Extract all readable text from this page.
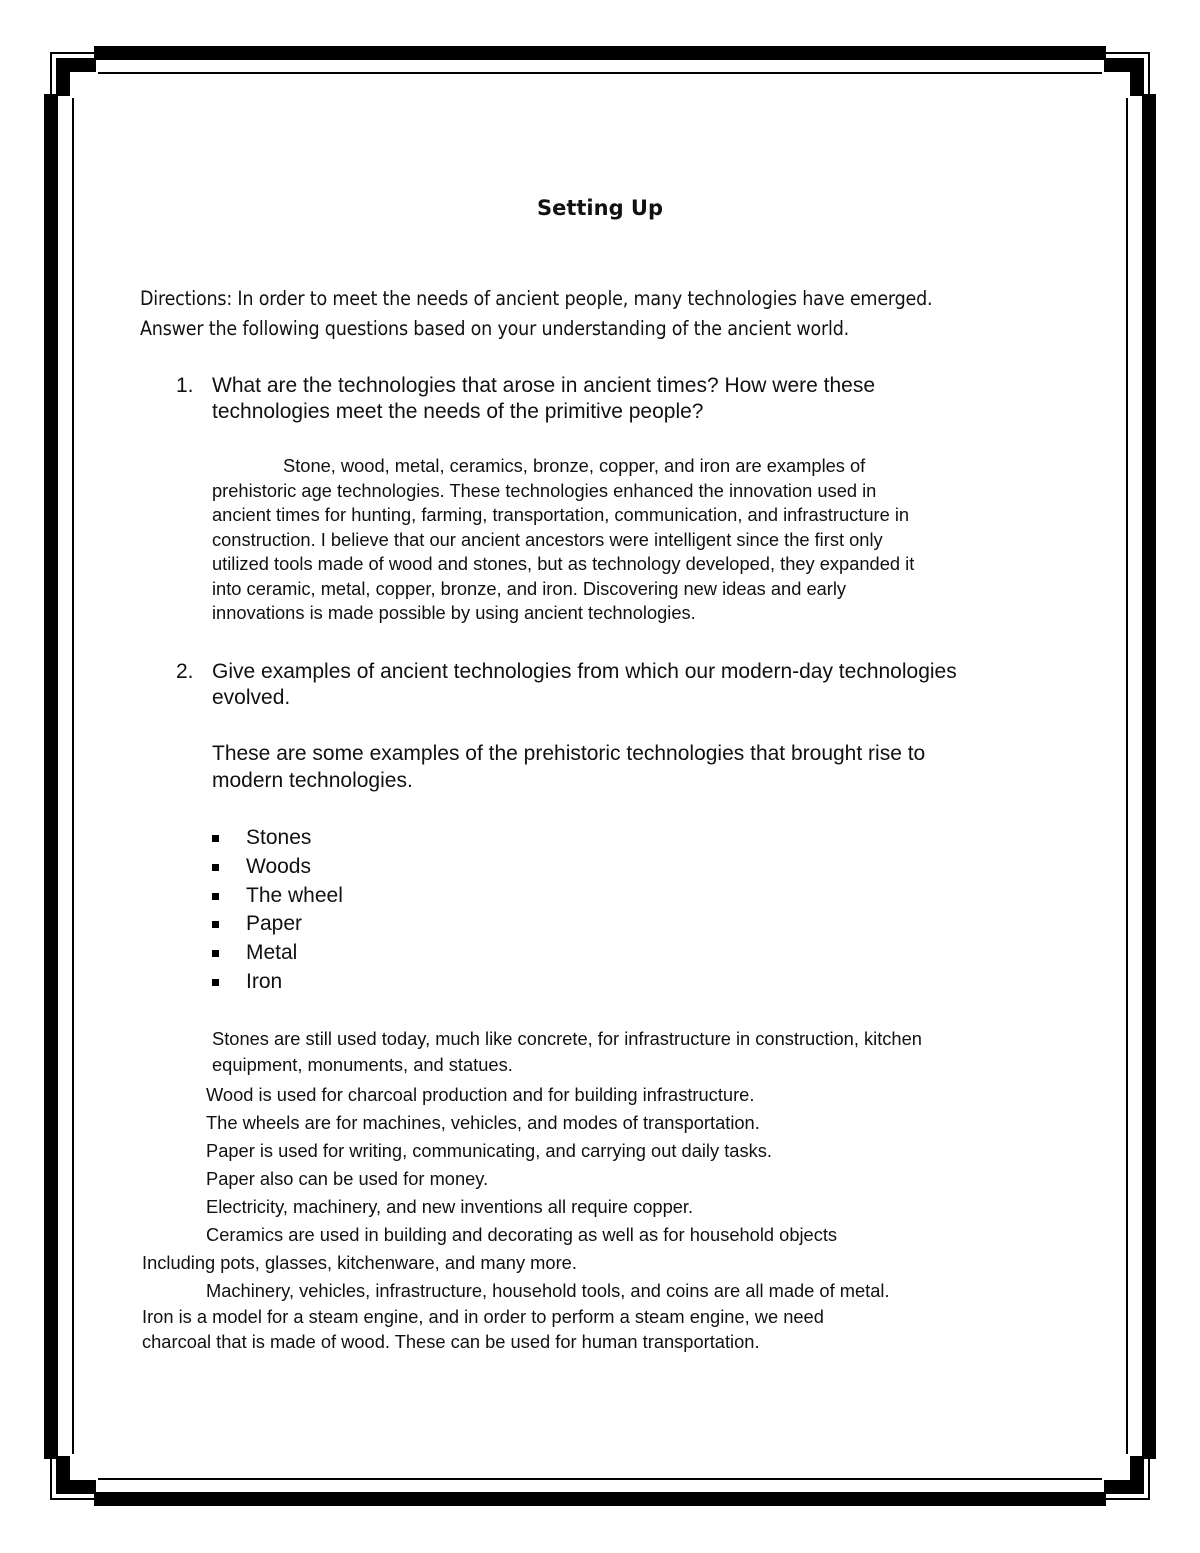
Setting Up
Directions: In order to meet the needs of ancient people, many technologies have emerged.
Answer the following questions based on your understanding of the ancient world.
1. What are the technologies that arose in ancient times? How were these
technologies meet the needs of the primitive people?
Stone, wood, metal, ceramics, bronze, copper, and iron are examples of
prehistoric age technologies. These technologies enhanced the innovation used in
ancient times for hunting, farming, transportation, communication, and infrastructure in
construction. I believe that our ancient ancestors were intelligent since the first only
utilized tools made of wood and stones, but as technology developed, they expanded it
into ceramic, metal, copper, bronze, and iron. Discovering new ideas and early
innovations is made possible by using ancient technologies.
2. Give examples of ancient technologies from which our modern-day technologies
evolved.
These are some examples of the prehistoric technologies that brought rise to
modern technologies.
Stones
Woods
The wheel
Paper
Metal
Iron
Stones are still used today, much like concrete, for infrastructure in construction, kitchen
equipment, monuments, and statues.
Wood is used for charcoal production and for building infrastructure.
The wheels are for machines, vehicles, and modes of transportation.
Paper is used for writing, communicating, and carrying out daily tasks.
Paper also can be used for money.
Electricity, machinery, and new inventions all require copper.
Ceramics are used in building and decorating as well as for household objects
Including pots, glasses, kitchenware, and many more.
Machinery, vehicles, infrastructure, household tools, and coins are all made of metal.
Iron is a model for a steam engine, and in order to perform a steam engine, we need
charcoal that is made of wood. These can be used for human transportation.
